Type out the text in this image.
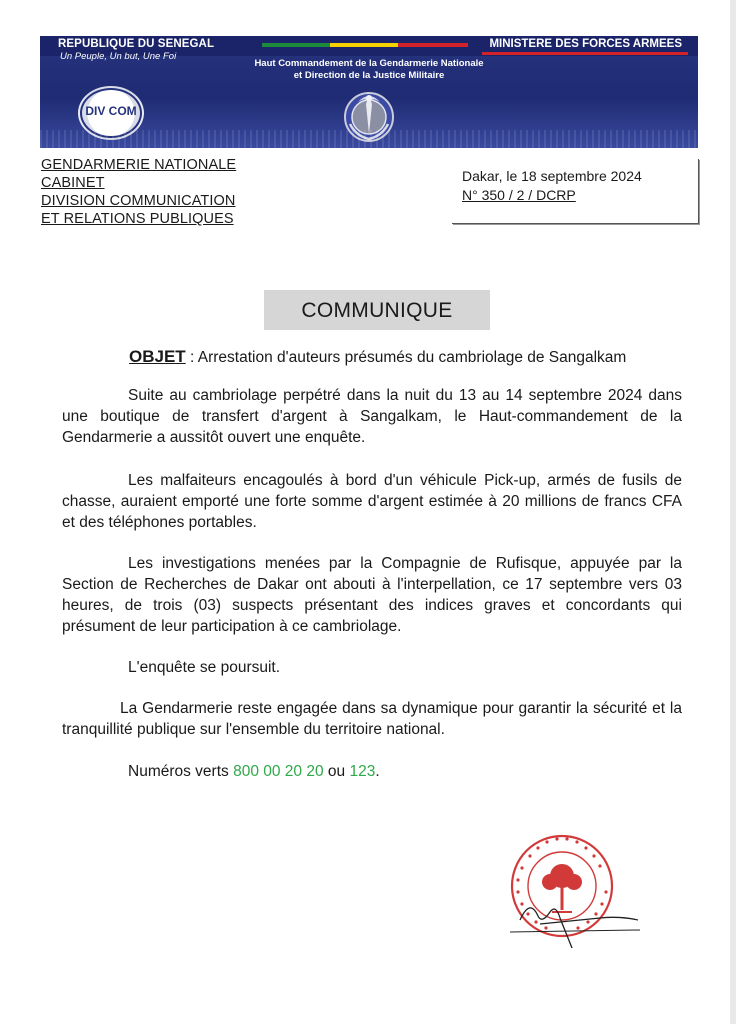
REPUBLIQUE DU SENEGAL
Un Peuple, Un but, Une Foi
MINISTERE DES FORCES ARMEES
Haut Commandement de la Gendarmerie Nationale
et Direction de la Justice Militaire
DIV COM
GENDARMERIE NATIONALE
CABINET
DIVISION COMMUNICATION
ET RELATIONS PUBLIQUES
Dakar, le 18 septembre 2024
N° 350 / 2 / DCRP
COMMUNIQUE
OBJET : Arrestation d'auteurs présumés du cambriolage de Sangalkam
Suite au cambriolage perpétré dans la nuit du 13 au 14 septembre 2024 dans une boutique de transfert d'argent à Sangalkam, le Haut-commandement de la Gendarmerie a aussitôt ouvert une enquête.
Les malfaiteurs encagoulés à bord d'un véhicule Pick-up, armés de fusils de chasse, auraient emporté une forte somme d'argent estimée à 20 millions de francs CFA et des téléphones portables.
Les investigations menées par la Compagnie de Rufisque, appuyée par la Section de Recherches de Dakar ont abouti à l'interpellation, ce 17 septembre vers 03 heures, de trois (03) suspects présentant des indices graves et concordants qui présument de leur participation à ce cambriolage.
L'enquête se poursuit.
La Gendarmerie reste engagée dans sa dynamique pour garantir la sécurité et la tranquillité publique sur l'ensemble du territoire national.
Numéros verts 800 00 20 20 ou 123.
